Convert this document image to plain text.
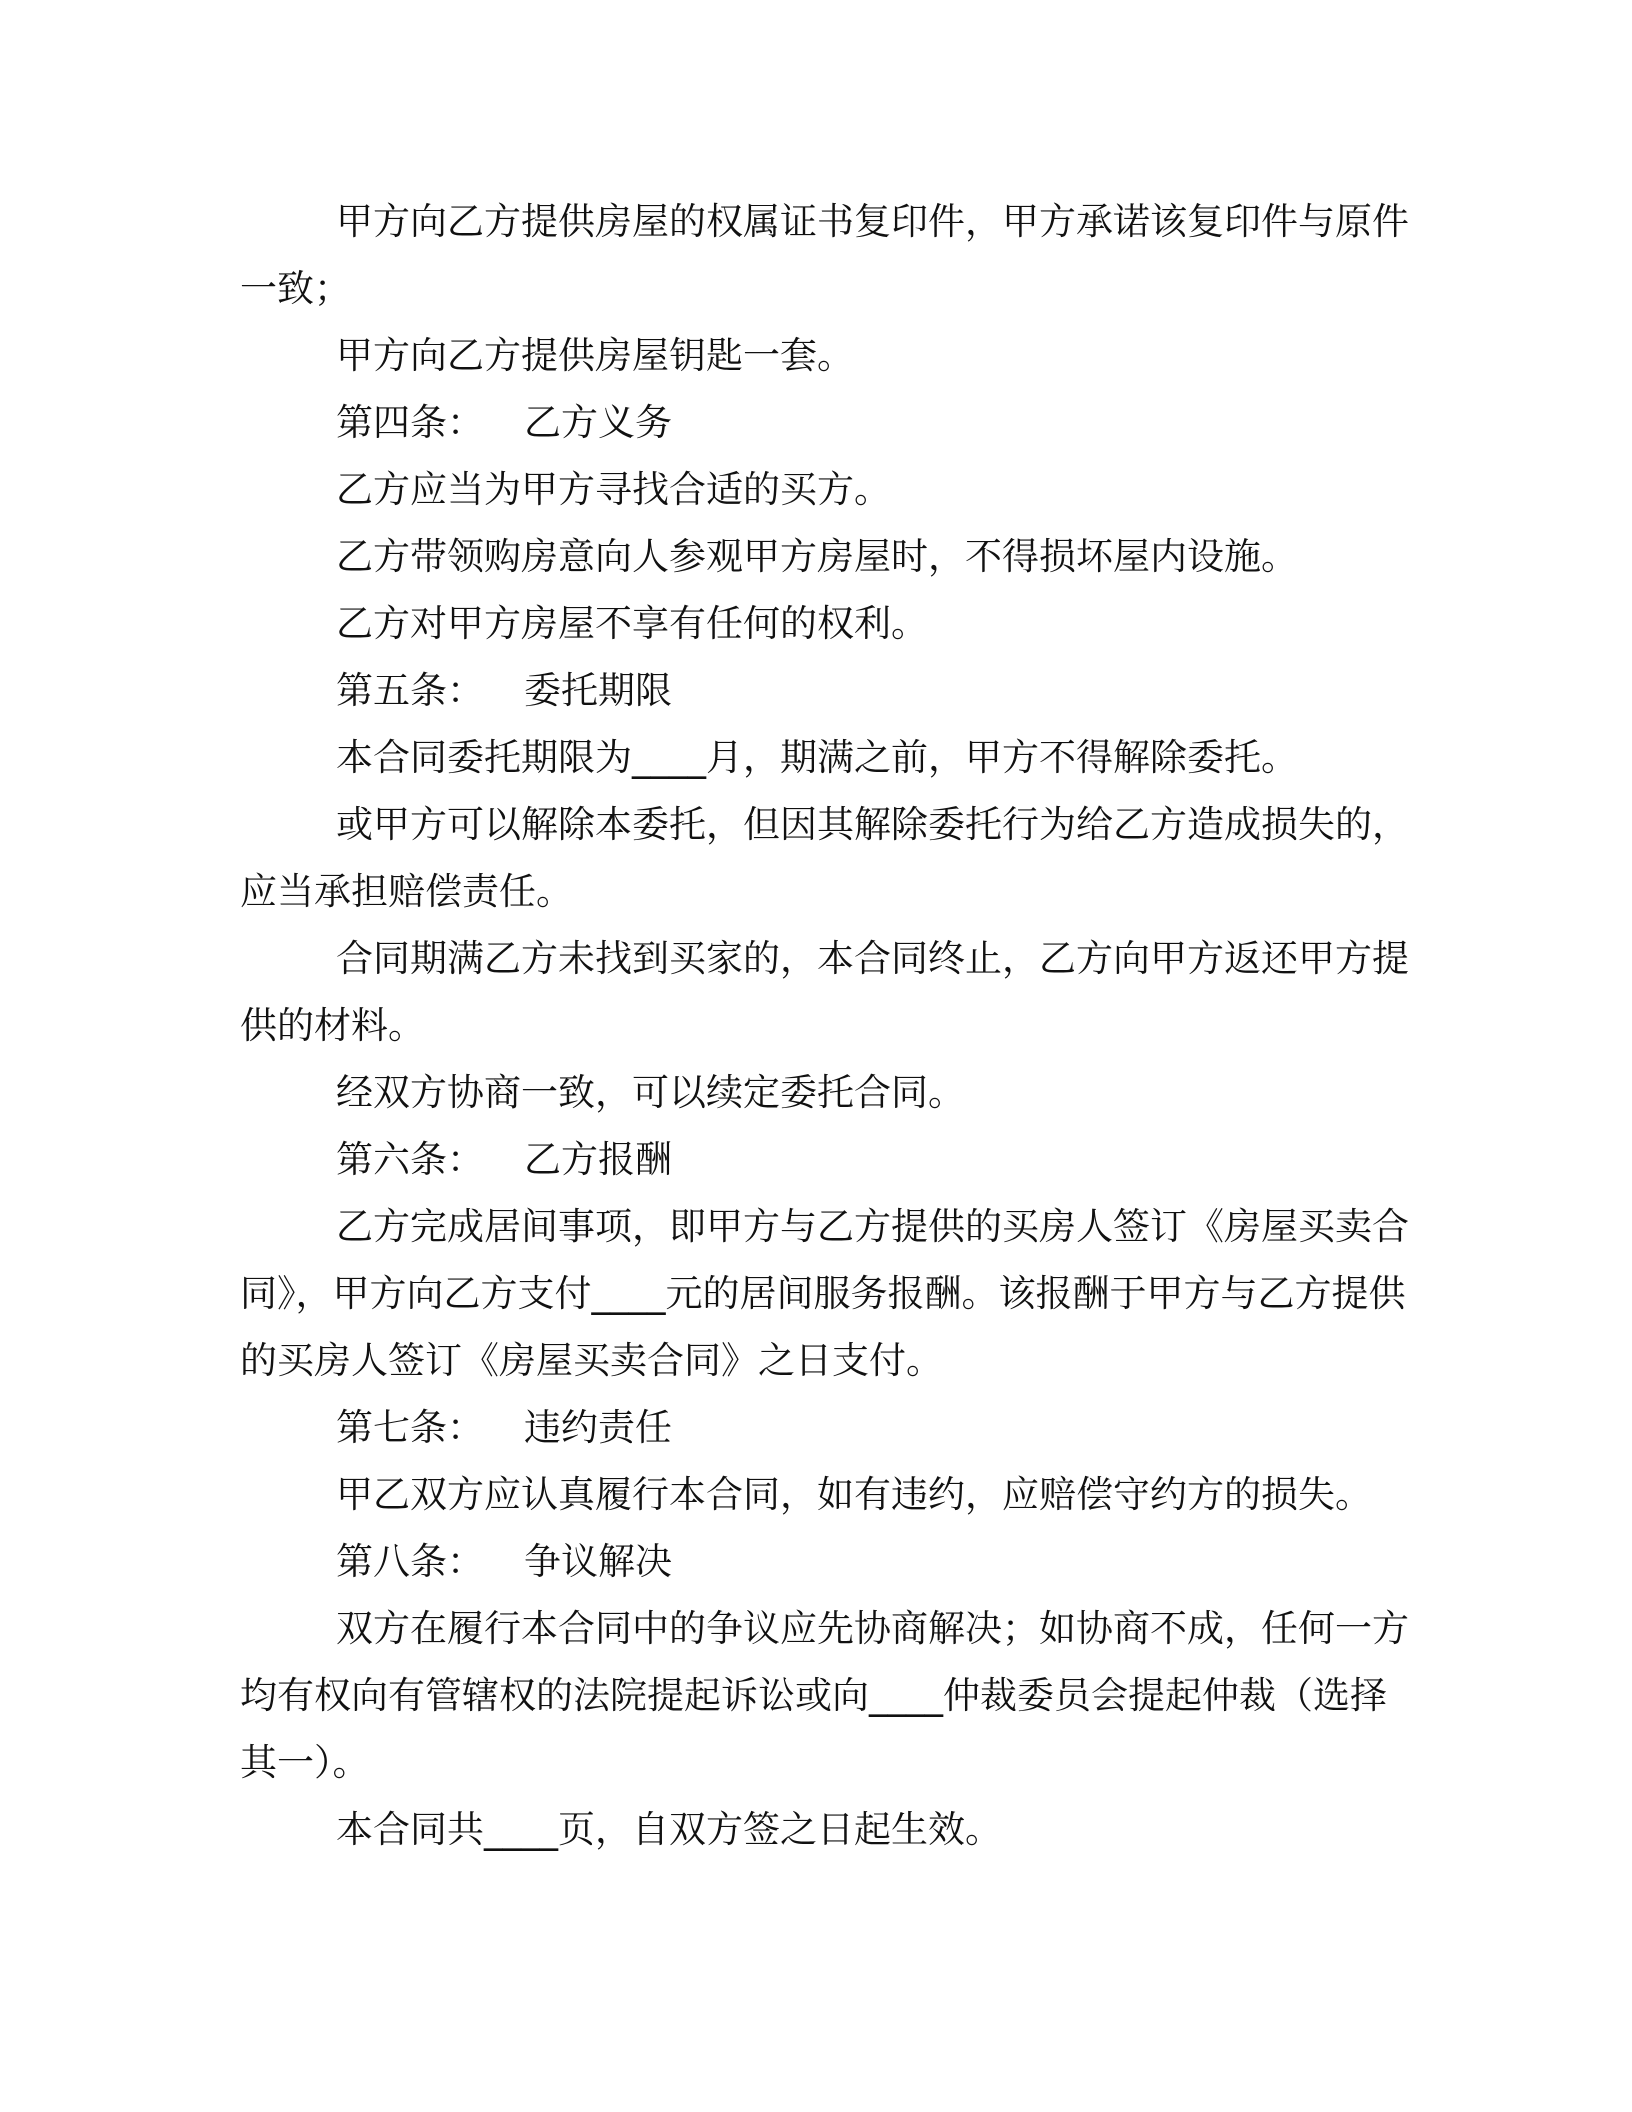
甲方向乙方提供房屋的权属证书复印件，甲方承诺该复印件与原件一致；

甲方向乙方提供房屋钥匙一套。

第四条： 乙方义务

乙方应当为甲方寻找合适的买方。

乙方带领购房意向人参观甲方房屋时，不得损坏屋内设施。

乙方对甲方房屋不享有任何的权利。

第五条： 委托期限

本合同委托期限为____月，期满之前，甲方不得解除委托。

或甲方可以解除本委托，但因其解除委托行为给乙方造成损失的，应当承担赔偿责任。

合同期满乙方未找到买家的，本合同终止，乙方向甲方返还甲方提供的材料。

经双方协商一致，可以续定委托合同。

第六条： 乙方报酬

乙方完成居间事项，即甲方与乙方提供的买房人签订《房屋买卖合同》，甲方向乙方支付____元的居间服务报酬。该报酬于甲方与乙方提供的买房人签订《房屋买卖合同》之日支付。

第七条： 违约责任

甲乙双方应认真履行本合同，如有违约，应赔偿守约方的损失。

第八条： 争议解决

双方在履行本合同中的争议应先协商解决；如协商不成，任何一方均有权向有管辖权的法院提起诉讼或向____仲裁委员会提起仲裁（选择其一）。

本合同共____页，自双方签之日起生效。
